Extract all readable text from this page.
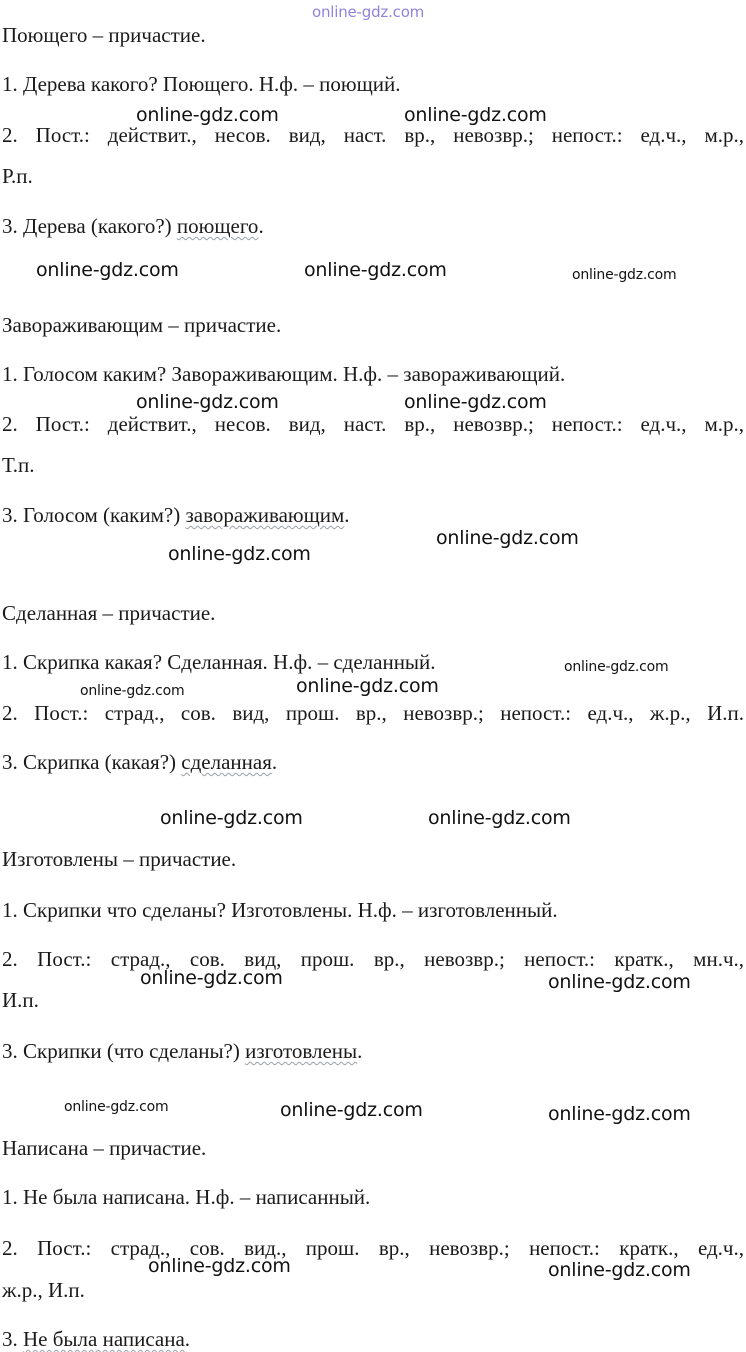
online-gdz.com

Поющего – причастие.

1. Дерева какого? Поющего. Н.ф. – поющий.

2. Пост.: действит., несов. вид, наст. вр., невозвр.; непост.: ед.ч., м.р.,

Р.п.

3. Дерева (какого?) поющего.

Завораживающим – причастие.

1. Голосом каким? Завораживающим. Н.ф. – завораживающий.

2. Пост.: действит., несов. вид, наст. вр., невозвр.; непост.: ед.ч., м.р.,

Т.п.

3. Голосом (каким?) завораживающим.

Сделанная – причастие.

1. Скрипка какая? Сделанная. Н.ф. – сделанный.

2. Пост.: страд., сов. вид, прош. вр., невозвр.; непост.: ед.ч., ж.р., И.п.

3. Скрипка (какая?) сделанная.

Изготовлены – причастие.

1. Скрипки что сделаны? Изготовлены. Н.ф. – изготовленный.

2. Пост.: страд., сов. вид, прош. вр., невозвр.; непост.: кратк., мн.ч.,

И.п.

3. Скрипки (что сделаны?) изготовлены.

Написана – причастие.

1. Не была написана. Н.ф. – написанный.

2. Пост.: страд., сов. вид., прош. вр., невозвр.; непост.: кратк., ед.ч.,

ж.р., И.п.

3. Не была написана.

online-gdz.com	online-gdz.com

online-gdz.com	online-gdz.com	online-gdz.com

online-gdz.com	online-gdz.com

online-gdz.com

online-gdz.com

online-gdz.com

online-gdz.com

online-gdz.com

online-gdz.com	online-gdz.com

online-gdz.com	online-gdz.com

online-gdz.com	online-gdz.com	online-gdz.com

online-gdz.com	online-gdz.com
